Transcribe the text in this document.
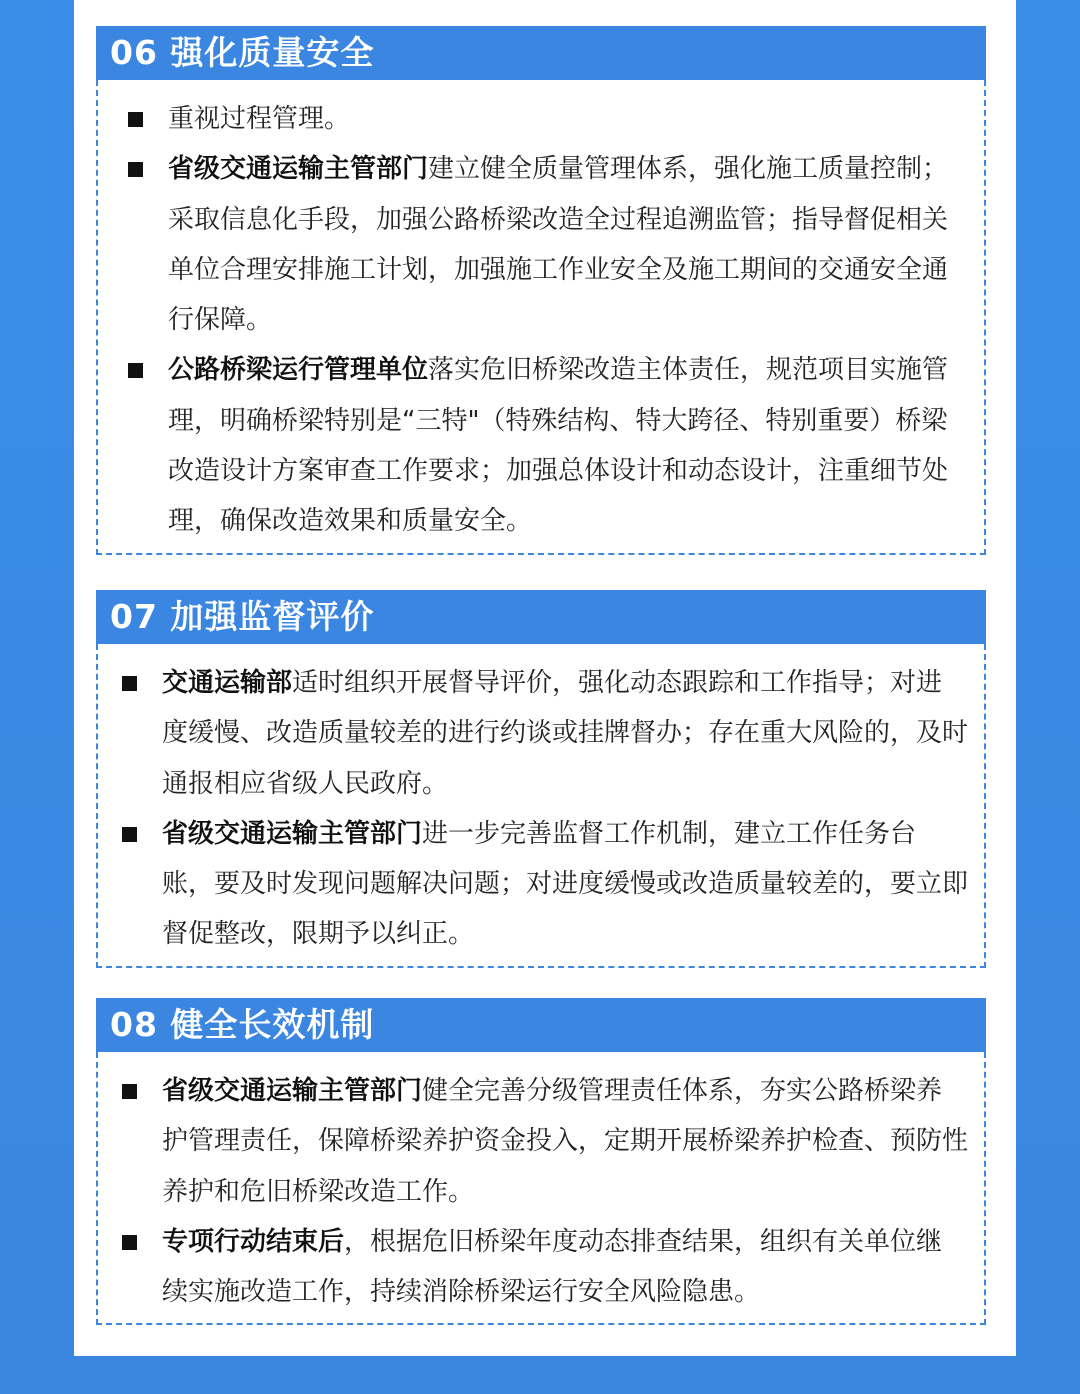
06 强化质量安全
重视过程管理。
省级交通运输主管部门建立健全质量管理体系，强化施工质量控制；采取信息化手段，加强公路桥梁改造全过程追溯监管；指导督促相关单位合理安排施工计划，加强施工作业安全及施工期间的交通安全通行保障。
公路桥梁运行管理单位落实危旧桥梁改造主体责任，规范项目实施管理，明确桥梁特别是“三特"（特殊结构、特大跨径、特别重要）桥梁改造设计方案审查工作要求；加强总体设计和动态设计，注重细节处理，确保改造效果和质量安全。
07 加强监督评价
交通运输部适时组织开展督导评价，强化动态跟踪和工作指导；对进度缓慢、改造质量较差的进行约谈或挂牌督办；存在重大风险的，及时通报相应省级人民政府。
省级交通运输主管部门进一步完善监督工作机制，建立工作任务台账，要及时发现问题解决问题；对进度缓慢或改造质量较差的，要立即督促整改，限期予以纠正。
08 健全长效机制
省级交通运输主管部门健全完善分级管理责任体系，夯实公路桥梁养护管理责任，保障桥梁养护资金投入，定期开展桥梁养护检查、预防性养护和危旧桥梁改造工作。
专项行动结束后，根据危旧桥梁年度动态排查结果，组织有关单位继续实施改造工作，持续消除桥梁运行安全风险隐患。
